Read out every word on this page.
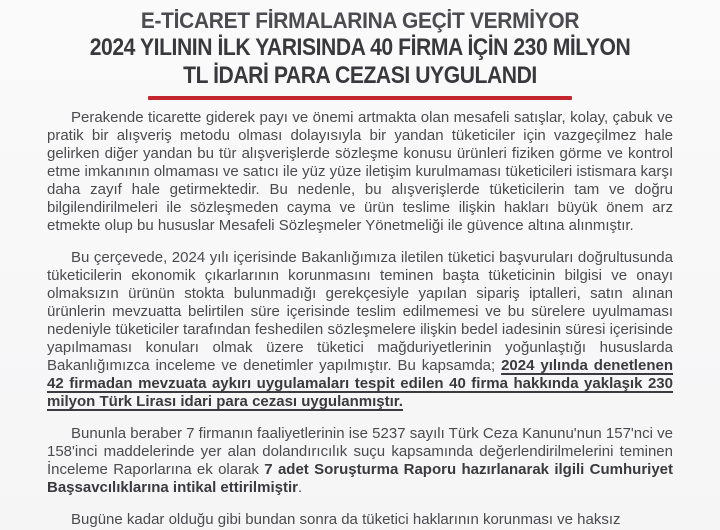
E-TİCARET FİRMALARINA GEÇİT VERMİYOR
2024 YILININ İLK YARISINDA 40 FİRMA İÇİN 230 MİLYON
TL İDARİ PARA CEZASI UYGULANDI

Perakende ticarette giderek payı ve önemi artmakta olan mesafeli satışlar, kolay, çabuk ve pratik bir alışveriş metodu olması dolayısıyla bir yandan tüketiciler için vazgeçilmez hale gelirken diğer yandan bu tür alışverişlerde sözleşme konusu ürünleri fiziken görme ve kontrol etme imkanının olmaması ve satıcı ile yüz yüze iletişim kurulmaması tüketicileri istismara karşı daha zayıf hale getirmektedir. Bu nedenle, bu alışverişlerde tüketicilerin tam ve doğru bilgilendirilmeleri ile sözleşmeden cayma ve ürün teslime ilişkin hakları büyük önem arz etmekte olup bu hususlar Mesafeli Sözleşmeler Yönetmeliği ile güvence altına alınmıştır.

Bu çerçevede, 2024 yılı içerisinde Bakanlığımıza iletilen tüketici başvuruları doğrultusunda tüketicilerin ekonomik çıkarlarının korunmasını teminen başta tüketicinin bilgisi ve onayı olmaksızın ürünün stokta bulunmadığı gerekçesiyle yapılan sipariş iptalleri, satın alınan ürünlerin mevzuatta belirtilen süre içerisinde teslim edilmemesi ve bu sürelere uyulmaması nedeniyle tüketiciler tarafından feshedilen sözleşmelere ilişkin bedel iadesinin süresi içerisinde yapılmaması konuları olmak üzere tüketici mağduriyetlerinin yoğunlaştığı hususlarda Bakanlığımızca inceleme ve denetimler yapılmıştır. Bu kapsamda; 2024 yılında denetlenen 42 firmadan mevzuata aykırı uygulamaları tespit edilen 40 firma hakkında yaklaşık 230 milyon Türk Lirası idari para cezası uygulanmıştır.

Bununla beraber 7 firmanın faaliyetlerinin ise 5237 sayılı Türk Ceza Kanunu'nun 157'nci ve 158'inci maddelerinde yer alan dolandırıcılık suçu kapsamında değerlendirilmelerini teminen İnceleme Raporlarına ek olarak 7 adet Soruşturma Raporu hazırlanarak ilgili Cumhuriyet Başsavcılıklarına intikal ettirilmiştir.

Bugüne kadar olduğu gibi bundan sonra da tüketici haklarının korunması ve haksız
